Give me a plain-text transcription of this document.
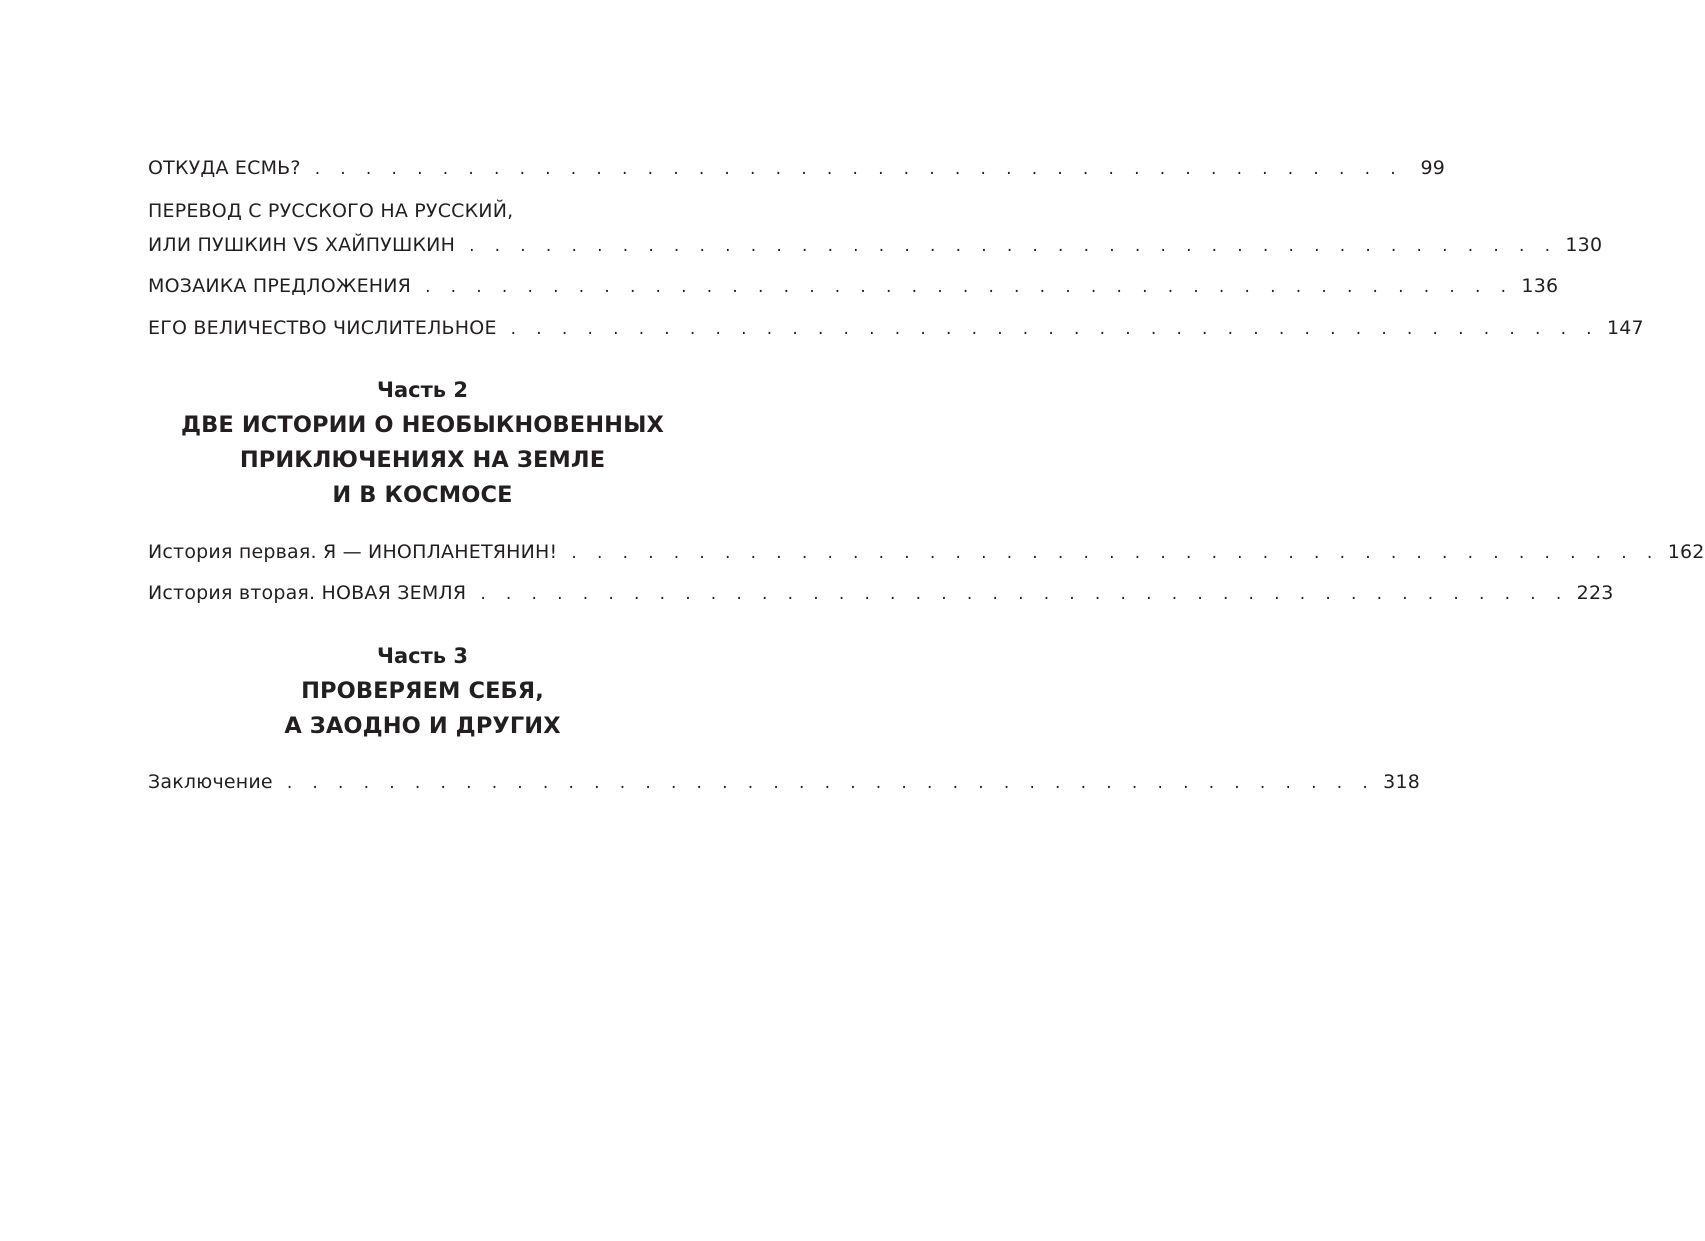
ОТКУДА ЕСМЬ? . . . . . . . . . . . . . . . . . . . . . . . . . . . . . . . . . . . . . . . . . . . 99
ПЕРЕВОД С РУССКОГО НА РУССКИЙ,
ИЛИ ПУШКИН VS ХАЙПУШКИН . . . . . . . . . . . . . . . . . . . . . . . . . . . . . . . . . . . . . . . . . . . 130
МОЗАИКА ПРЕДЛОЖЕНИЯ . . . . . . . . . . . . . . . . . . . . . . . . . . . . . . . . . . . . . . . . . . . 136
ЕГО ВЕЛИЧЕСТВО ЧИСЛИТЕЛЬНОЕ . . . . . . . . . . . . . . . . . . . . . . . . . . . . . . . . . . . . . . . . . . . 147
История первая. Я — ИНОПЛАНЕТЯНИН! . . . . . . . . . . . . . . . . . . . . . . . . . . . . . . . . . . . . . . . . . . . 162
История вторая. НОВАЯ ЗЕМЛЯ . . . . . . . . . . . . . . . . . . . . . . . . . . . . . . . . . . . . . . . . . . . 223
Заключение . . . . . . . . . . . . . . . . . . . . . . . . . . . . . . . . . . . . . . . . . . . 318
Часть 2
ДВЕ ИСТОРИИ О НЕОБЫКНОВЕННЫХ
ПРИКЛЮЧЕНИЯХ НА ЗЕМЛЕ
И В КОСМОСЕ
Часть 3
ПРОВЕРЯЕМ СЕБЯ,
А ЗАОДНО И ДРУГИХ
